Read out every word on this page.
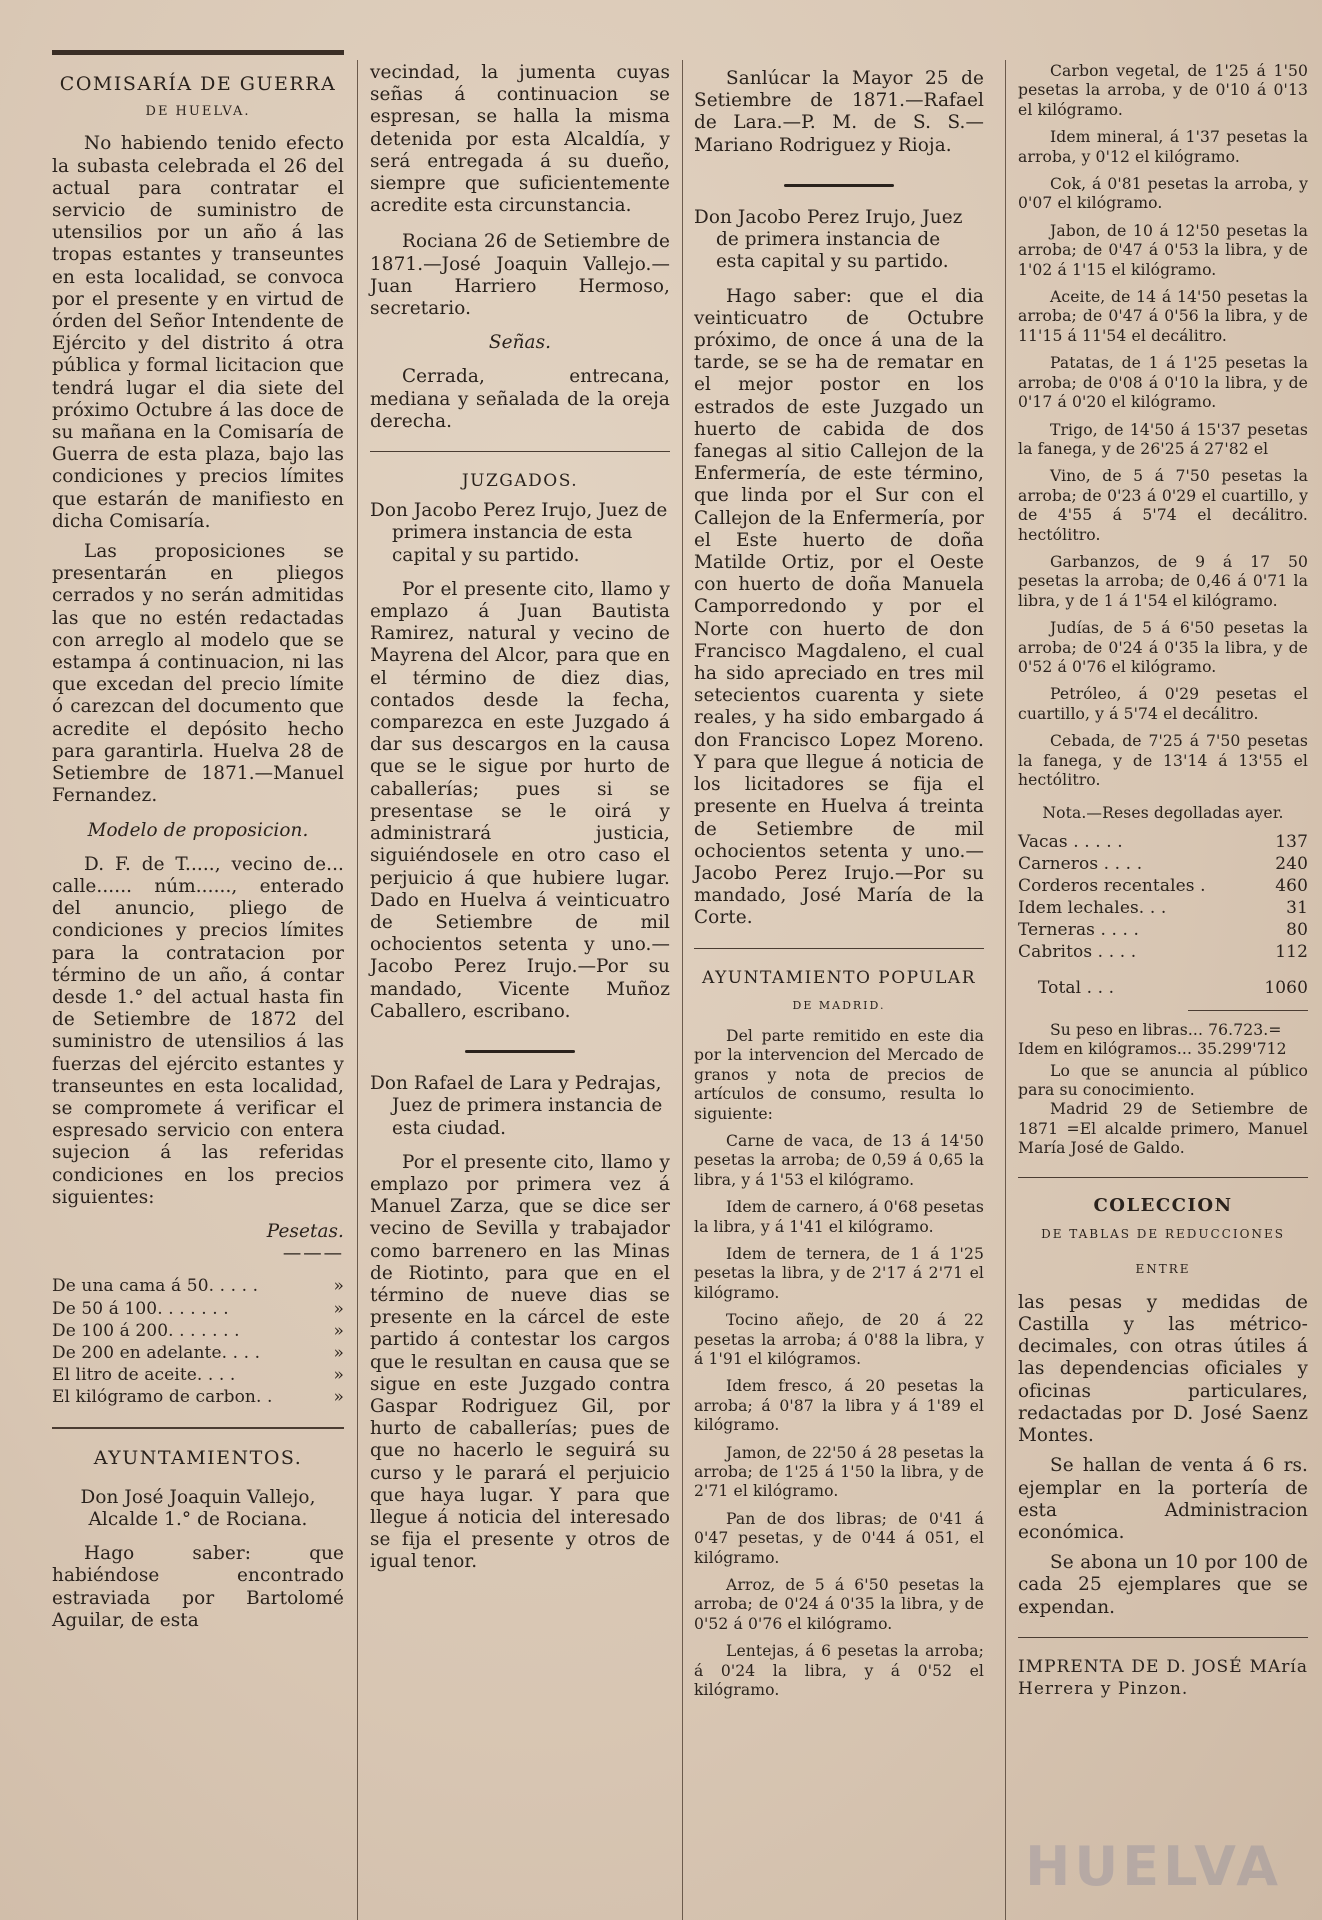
COMISARÍA DE GUERRA
DE HUELVA.

No habiendo tenido efecto la subasta celebrada el 26 del actual para contratar el servicio de suministro de utensilios por un año á las tropas estantes y transeuntes en esta localidad, se convoca por el presente y en virtud de órden del Señor Intendente de Ejército y del distrito á otra pública y formal licitacion que tendrá lugar el dia siete del próximo Octubre á las doce de su mañana en la Comisaría de Guerra de esta plaza, bajo las condiciones y precios límites que estarán de manifiesto en dicha Comisaría.

Las proposiciones se presentarán en pliegos cerrados y no serán admitidas las que no estén redactadas con arreglo al modelo que se estampa á continuacion, ni las que excedan del precio límite ó carezcan del documento que acredite el depósito hecho para garantirla. Huelva 28 de Setiembre de 1871.—Manuel Fernandez.

Modelo de proposicion.

D. F. de T....., vecino de... calle...... núm......, enterado del anuncio, pliego de condiciones y precios límites para la contratacion por término de un año, á contar desde 1.° del actual hasta fin de Setiembre de 1872 del suministro de utensilios á las fuerzas del ejército estantes y transeuntes en esta localidad, se compromete á verificar el espresado servicio con entera sujecion á las referidas condiciones en los precios siguientes:

Pesetas.
———
De una cama á 50. . . . .	»
De 50 á 100. . . . . . .	»
De 100 á 200. . . . . . .	»
De 200 en adelante. . . .	»
El litro de aceite. . . .	»
El kilógramo de carbon. .	»
AYUNTAMIENTOS.
Don José Joaquin Vallejo, Alcalde 1.° de Rociana.

Hago saber: que habiéndose encontrado estraviada por Bartolomé Aguilar, de esta

vecindad, la jumenta cuyas señas á continuacion se espresan, se halla la misma detenida por esta Alcaldía, y será entregada á su dueño, siempre que suficientemente acredite esta circunstancia.

Rociana 26 de Setiembre de 1871.—José Joaquin Vallejo.—Juan Harriero Hermoso, secretario.

Señas.

Cerrada, entrecana, mediana y señalada de la oreja derecha.

JUZGADOS.
Don Jacobo Perez Irujo, Juez de primera instancia de esta capital y su partido.

Por el presente cito, llamo y emplazo á Juan Bautista Ramirez, natural y vecino de Mayrena del Alcor, para que en el término de diez dias, contados desde la fecha, comparezca en este Juzgado á dar sus descargos en la causa que se le sigue por hurto de caballerías; pues si se presentase se le oirá y administrará justicia, siguiéndosele en otro caso el perjuicio á que hubiere lugar. Dado en Huelva á veinticuatro de Setiembre de mil ochocientos setenta y uno.—Jacobo Perez Irujo.—Por su mandado, Vicente Muñoz Caballero, escribano.

Don Rafael de Lara y Pedrajas, Juez de primera instancia de esta ciudad.

Por el presente cito, llamo y emplazo por primera vez á Manuel Zarza, que se dice ser vecino de Sevilla y trabajador como barrenero en las Minas de Riotinto, para que en el término de nueve dias se presente en la cárcel de este partido á contestar los cargos que le resultan en causa que se sigue en este Juzgado contra Gaspar Rodriguez Gil, por hurto de caballerías; pues de que no hacerlo le seguirá su curso y le parará el perjuicio que haya lugar. Y para que llegue á noticia del interesado se fija el presente y otros de igual tenor.

Sanlúcar la Mayor 25 de Setiembre de 1871.—Rafael de Lara.—P. M. de S. S.—Mariano Rodriguez y Rioja.

Don Jacobo Perez Irujo, Juez de primera instancia de esta capital y su partido.

Hago saber: que el dia veinticuatro de Octubre próximo, de once á una de la tarde, se se ha de rematar en el mejor postor en los estrados de este Juzgado un huerto de cabida de dos fanegas al sitio Callejon de la Enfermería, de este término, que linda por el Sur con el Callejon de la Enfermería, por el Este huerto de doña Matilde Ortiz, por el Oeste con huerto de doña Manuela Camporredondo y por el Norte con huerto de don Francisco Magdaleno, el cual ha sido apreciado en tres mil setecientos cuarenta y siete reales, y ha sido embargado á don Francisco Lopez Moreno. Y para que llegue á noticia de los licitadores se fija el presente en Huelva á treinta de Setiembre de mil ochocientos setenta y uno.—Jacobo Perez Irujo.—Por su mandado, José María de la Corte.

AYUNTAMIENTO POPULAR
DE MADRID.

Del parte remitido en este dia por la intervencion del Mercado de granos y nota de precios de artículos de consumo, resulta lo siguiente:

Carne de vaca, de 13 á 14'50 pesetas la arroba; de 0,59 á 0,65 la libra, y á 1'53 el kilógramo.

Idem de carnero, á 0'68 pesetas la libra, y á 1'41 el kilógramo.

Idem de ternera, de 1 á 1'25 pesetas la libra, y de 2'17 á 2'71 el kilógramo.

Tocino añejo, de 20 á 22 pesetas la arroba; á 0'88 la libra, y á 1'91 el kilógramos.

Idem fresco, á 20 pesetas la arroba; á 0'87 la libra y á 1'89 el kilógramo.

Jamon, de 22'50 á 28 pesetas la arroba; de 1'25 á 1'50 la libra, y de 2'71 el kilógramo.

Pan de dos libras; de 0'41 á 0'47 pesetas, y de 0'44 á 051, el kilógramo.

Arroz, de 5 á 6'50 pesetas la arroba; de 0'24 á 0'35 la libra, y de 0'52 á 0'76 el kilógramo.

Lentejas, á 6 pesetas la arroba; á 0'24 la libra, y á 0'52 el kilógramo.

Carbon vegetal, de 1'25 á 1'50 pesetas la arroba, y de 0'10 á 0'13 el kilógramo.

Idem mineral, á 1'37 pesetas la arroba, y 0'12 el kilógramo.

Cok, á 0'81 pesetas la arroba, y 0'07 el kilógramo.

Jabon, de 10 á 12'50 pesetas la arroba; de 0'47 á 0'53 la libra, y de 1'02 á 1'15 el kilógramo.

Aceite, de 14 á 14'50 pesetas la arroba; de 0'47 á 0'56 la libra, y de 11'15 á 11'54 el decálitro.

Patatas, de 1 á 1'25 pesetas la arroba; de 0'08 á 0'10 la libra, y de 0'17 á 0'20 el kilógramo.

Trigo, de 14'50 á 15'37 pesetas la fanega, y de 26'25 á 27'82 el

Vino, de 5 á 7'50 pesetas la arroba; de 0'23 á 0'29 el cuartillo, y de 4'55 á 5'74 el decálitro. hectólitro.

Garbanzos, de 9 á 17 50 pesetas la arroba; de 0,46 á 0'71 la libra, y de 1 á 1'54 el kilógramo.

Judías, de 5 á 6'50 pesetas la arroba; de 0'24 á 0'35 la libra, y de 0'52 á 0'76 el kilógramo.

Petróleo, á 0'29 pesetas el cuartillo, y á 5'74 el decálitro.

Cebada, de 7'25 á 7'50 pesetas la fanega, y de 13'14 á 13'55 el hectólitro.

Nota.—Reses degolladas ayer.
Vacas . . . . .	137
Carneros . . . .	240
Corderos recentales .	460
Idem lechales. . .	31
Terneras . . . .	80
Cabritos . . . .	112
Total . . .	1060

Su peso en libras... 76.723.=

Idem en kilógramos... 35.299'712

Lo que se anuncia al público para su conocimiento.

Madrid 29 de Setiembre de 1871 =El alcalde primero, Manuel María José de Galdo.

COLECCION
DE TABLAS DE REDUCCIONES
ENTRE

las pesas y medidas de Castilla y las métrico-decimales, con otras útiles á las dependencias oficiales y oficinas particulares, redactadas por D. José Saenz Montes.

Se hallan de venta á 6 rs. ejemplar en la portería de esta Administracion económica.

Se abona un 10 por 100 de cada 25 ejemplares que se expendan.

IMPRENTA DE D. JOSÉ MAría Herrera y Pinzon.

HUELVA
